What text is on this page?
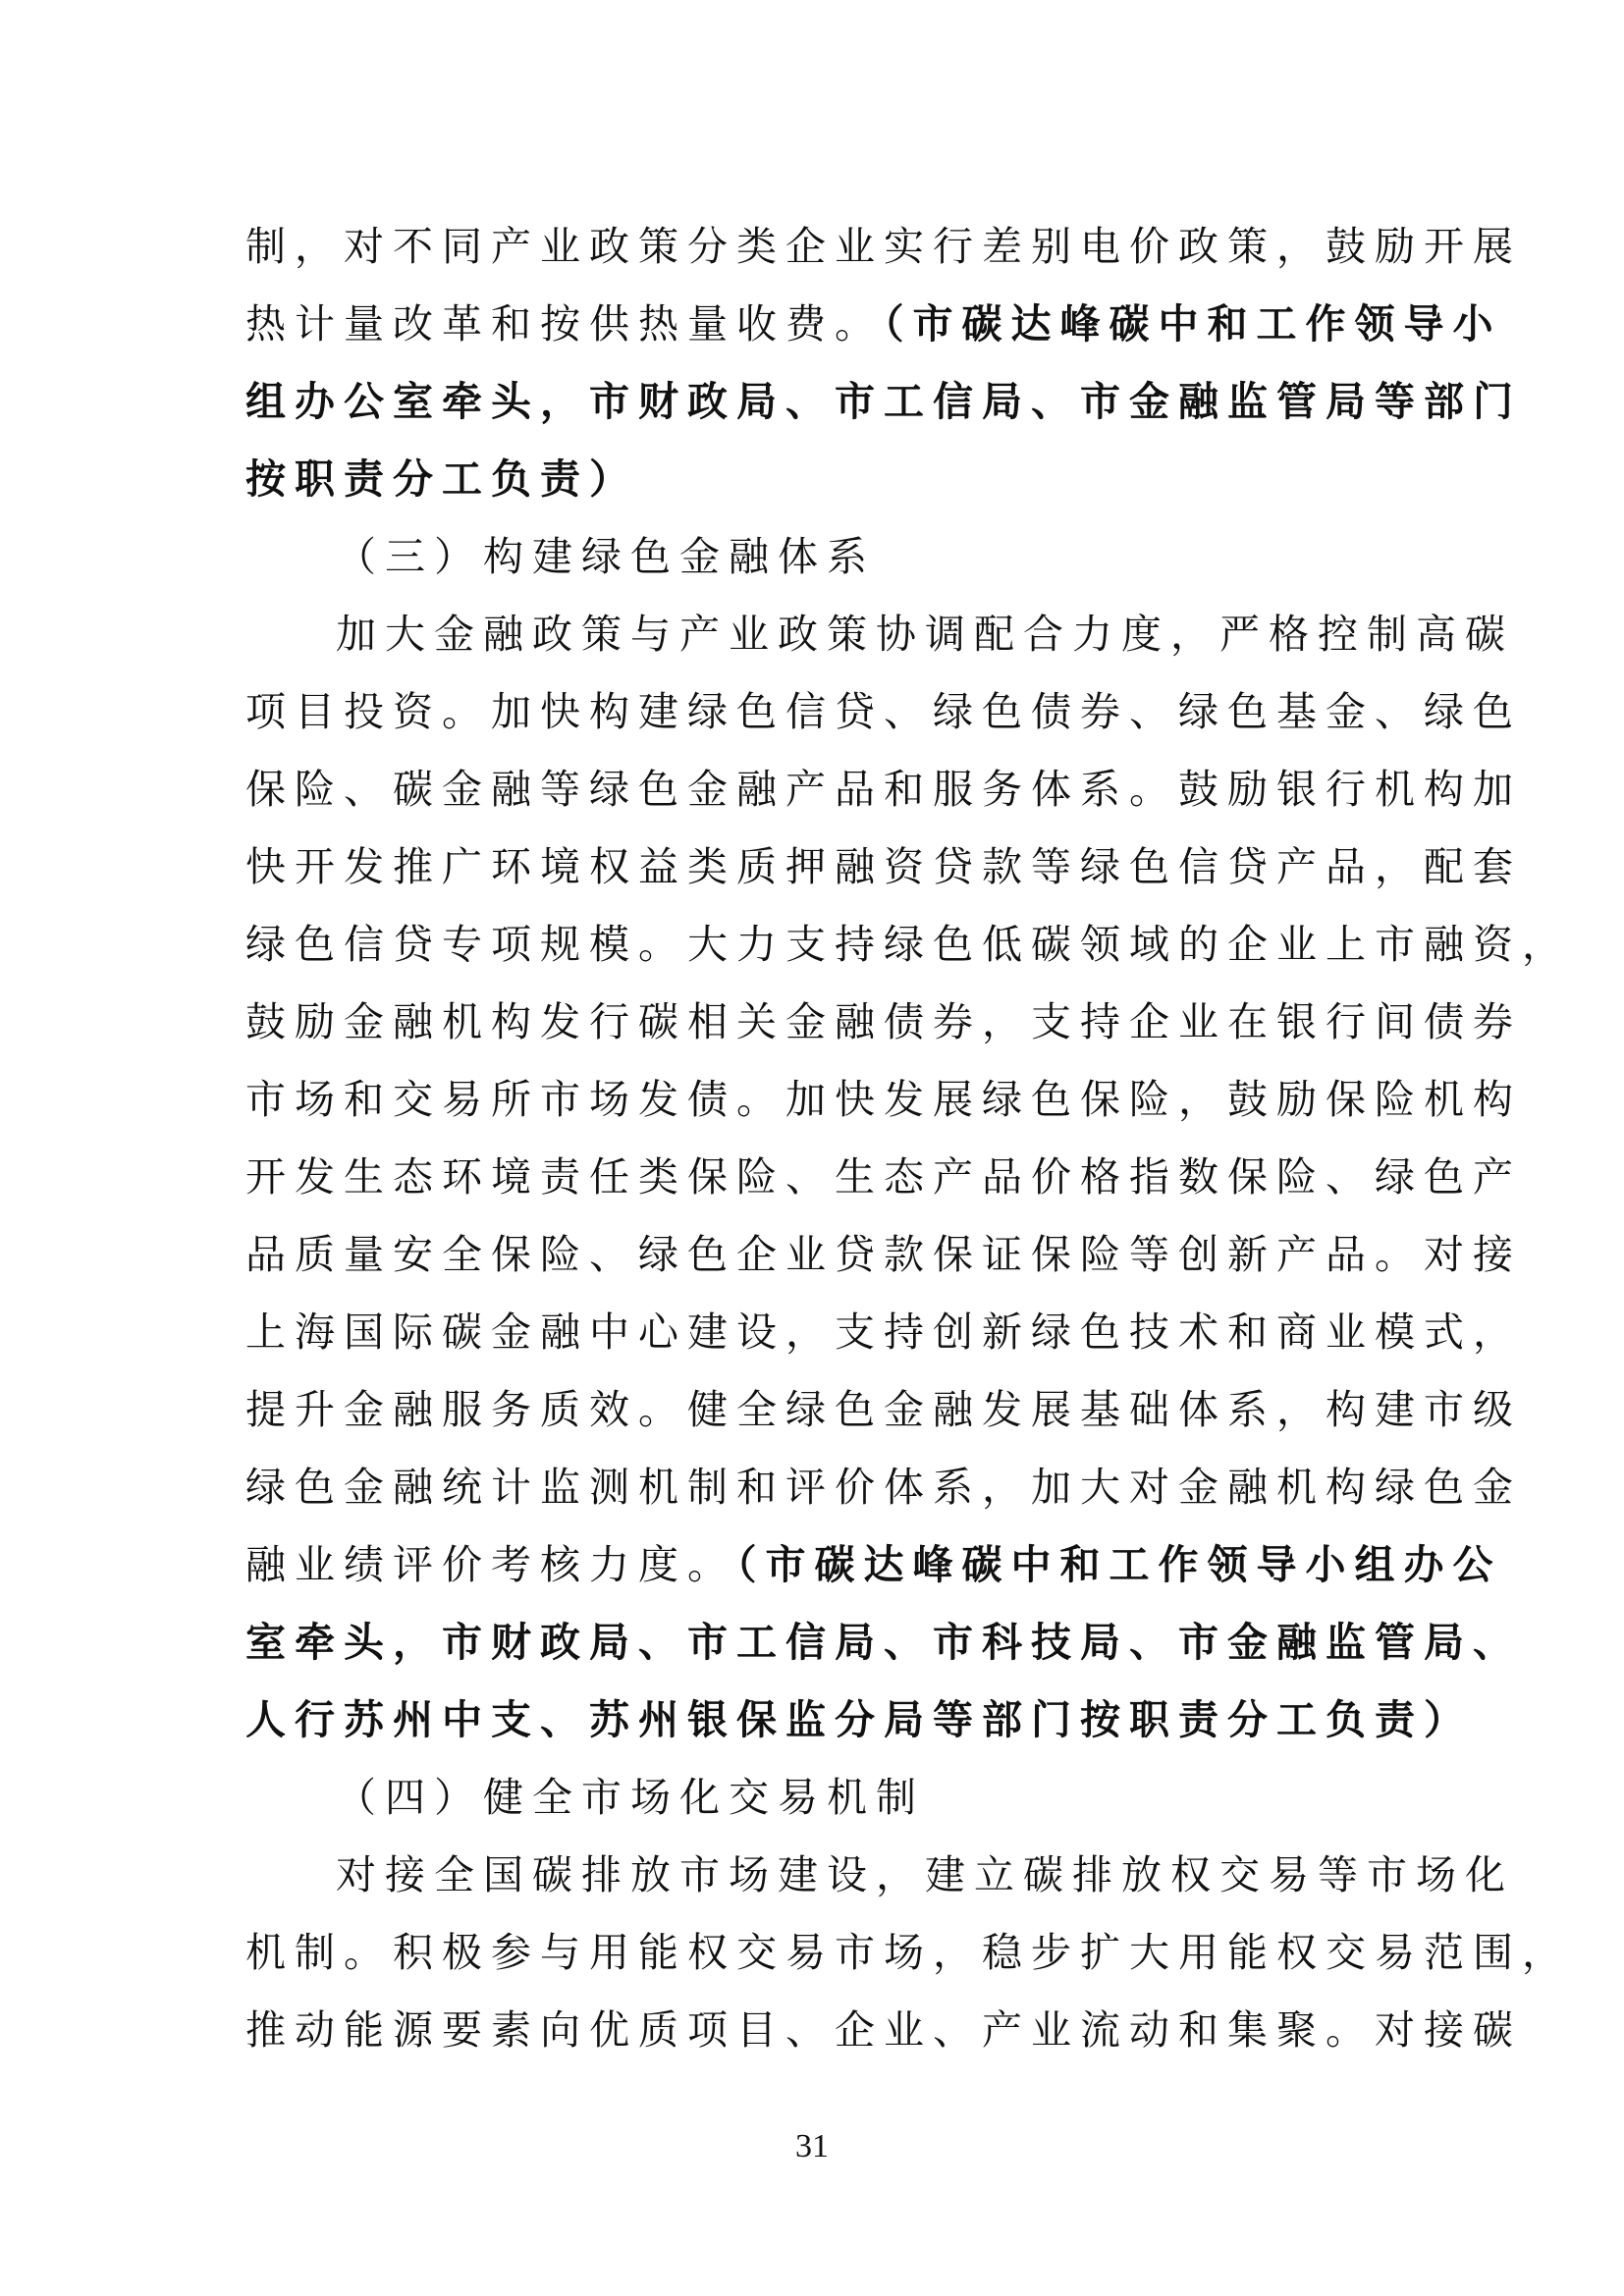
制，对不同产业政策分类企业实行差别电价政策，鼓励开展
热计量改革和按供热量收费。（市碳达峰碳中和工作领导小
组办公室牵头，市财政局、市工信局、市金融监管局等部门
按职责分工负责）
（三）构建绿色金融体系
加大金融政策与产业政策协调配合力度，严格控制高碳
项目投资。加快构建绿色信贷、绿色债券、绿色基金、绿色
保险、碳金融等绿色金融产品和服务体系。鼓励银行机构加
快开发推广环境权益类质押融资贷款等绿色信贷产品，配套
绿色信贷专项规模。大力支持绿色低碳领域的企业上市融资，
鼓励金融机构发行碳相关金融债券，支持企业在银行间债券
市场和交易所市场发债。加快发展绿色保险，鼓励保险机构
开发生态环境责任类保险、生态产品价格指数保险、绿色产
品质量安全保险、绿色企业贷款保证保险等创新产品。对接
上海国际碳金融中心建设，支持创新绿色技术和商业模式，
提升金融服务质效。健全绿色金融发展基础体系，构建市级
绿色金融统计监测机制和评价体系，加大对金融机构绿色金
融业绩评价考核力度。（市碳达峰碳中和工作领导小组办公
室牵头，市财政局、市工信局、市科技局、市金融监管局、
人行苏州中支、苏州银保监分局等部门按职责分工负责）
（四）健全市场化交易机制
对接全国碳排放市场建设，建立碳排放权交易等市场化
机制。积极参与用能权交易市场，稳步扩大用能权交易范围，
推动能源要素向优质项目、企业、产业流动和集聚。对接碳
31
